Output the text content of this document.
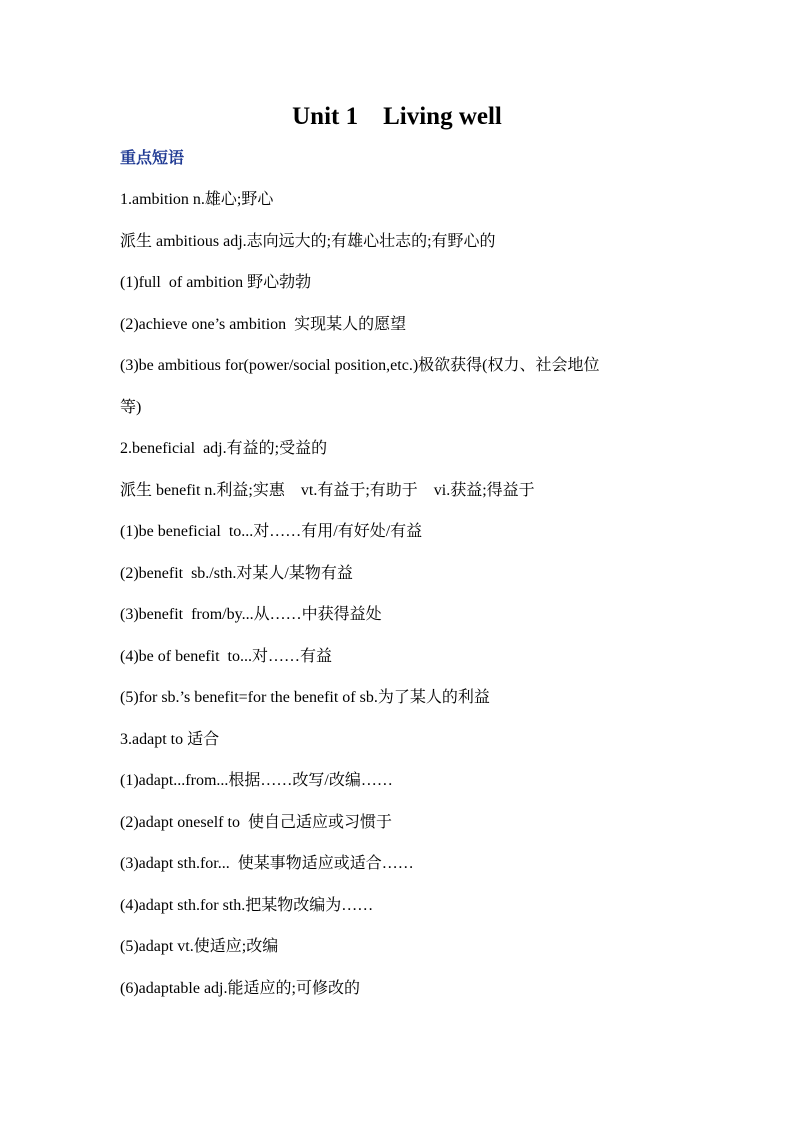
Unit 1    Living well
重点短语
1.ambition n.雄心;野心
派生 ambitious adj.志向远大的;有雄心壮志的;有野心的
(1)full  of ambition 野心勃勃
(2)achieve one’s ambition  实现某人的愿望
(3)be ambitious for(power/social position,etc.)极欲获得(权力、社会地位
等)
2.beneficial  adj.有益的;受益的
派生 benefit n.利益;实惠    vt.有益于;有助于    vi.获益;得益于
(1)be beneficial  to...对……有用/有好处/有益
(2)benefit  sb./sth.对某人/某物有益
(3)benefit  from/by...从……中获得益处
(4)be of benefit  to...对……有益
(5)for sb.’s benefit=for the benefit of sb.为了某人的利益
3.adapt to 适合
(1)adapt...from...根据……改写/改编……
(2)adapt oneself to  使自己适应或习惯于
(3)adapt sth.for...  使某事物适应或适合……
(4)adapt sth.for sth.把某物改编为……
(5)adapt vt.使适应;改编
(6)adaptable adj.能适应的;可修改的
